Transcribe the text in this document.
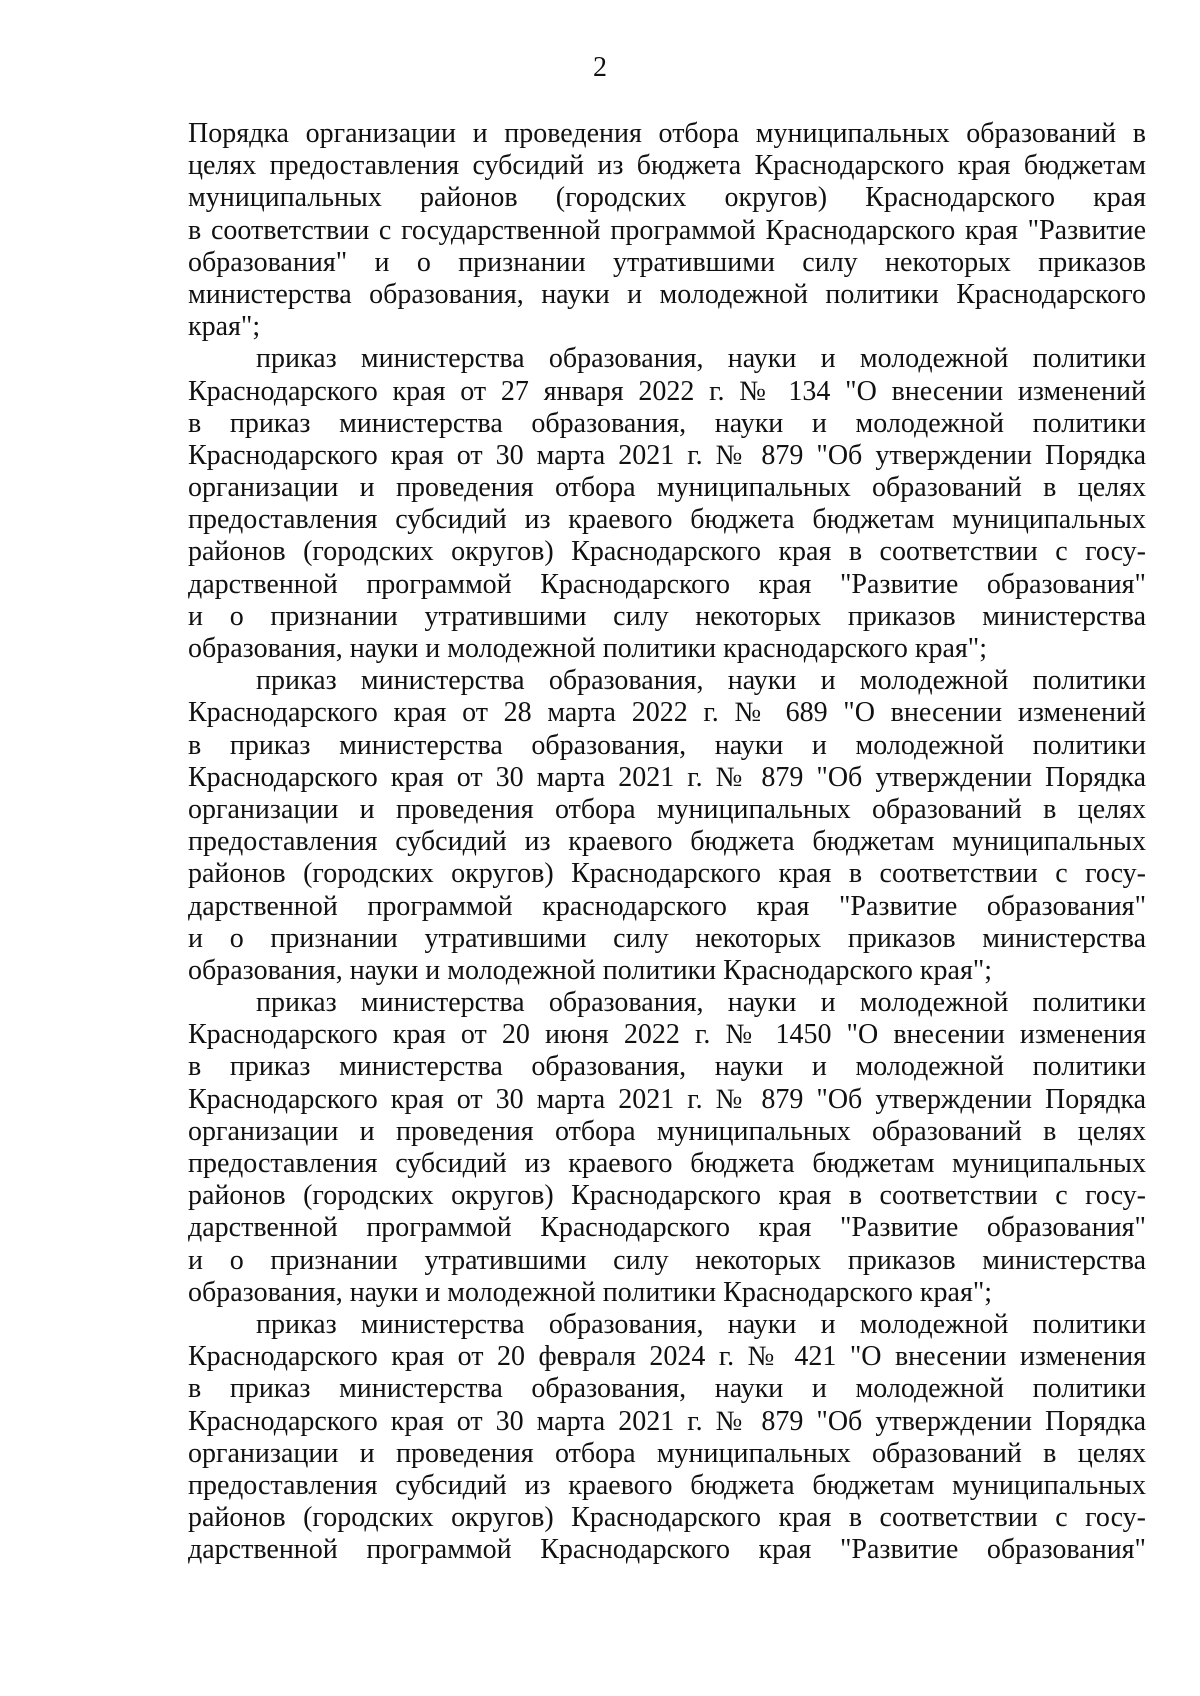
2
Порядка организации и проведения отбора муниципальных образований в
целях предоставления субсидий из бюджета Краснодарского края бюджетам
муниципальных районов (городских округов) Краснодарского края
в соответствии с государственной программой Краснодарского края "Развитие
образования" и о признании утратившими силу некоторых приказов
министерства образования, науки и молодежной политики Краснодарского
края";
приказ министерства образования, науки и молодежной политики
Краснодарского края от 27 января 2022 г. № 134 "О внесении изменений
в приказ министерства образования, науки и молодежной политики
Краснодарского края от 30 марта 2021 г. № 879 "Об утверждении Порядка
организации и проведения отбора муниципальных образований в целях
предоставления субсидий из краевого бюджета бюджетам муниципальных
районов (городских округов) Краснодарского края в соответствии с госу-
дарственной программой Краснодарского края "Развитие образования"
и о признании утратившими силу некоторых приказов министерства
образования, науки и молодежной политики краснодарского края";
приказ министерства образования, науки и молодежной политики
Краснодарского края от 28 марта 2022 г. № 689 "О внесении изменений
в приказ министерства образования, науки и молодежной политики
Краснодарского края от 30 марта 2021 г. № 879 "Об утверждении Порядка
организации и проведения отбора муниципальных образований в целях
предоставления субсидий из краевого бюджета бюджетам муниципальных
районов (городских округов) Краснодарского края в соответствии с госу-
дарственной программой краснодарского края "Развитие образования"
и о признании утратившими силу некоторых приказов министерства
образования, науки и молодежной политики Краснодарского края";
приказ министерства образования, науки и молодежной политики
Краснодарского края от 20 июня 2022 г. № 1450 "О внесении изменения
в приказ министерства образования, науки и молодежной политики
Краснодарского края от 30 марта 2021 г. № 879 "Об утверждении Порядка
организации и проведения отбора муниципальных образований в целях
предоставления субсидий из краевого бюджета бюджетам муниципальных
районов (городских округов) Краснодарского края в соответствии с госу-
дарственной программой Краснодарского края "Развитие образования"
и о признании утратившими силу некоторых приказов министерства
образования, науки и молодежной политики Краснодарского края";
приказ министерства образования, науки и молодежной политики
Краснодарского края от 20 февраля 2024 г. № 421 "О внесении изменения
в приказ министерства образования, науки и молодежной политики
Краснодарского края от 30 марта 2021 г. № 879 "Об утверждении Порядка
организации и проведения отбора муниципальных образований в целях
предоставления субсидий из краевого бюджета бюджетам муниципальных
районов (городских округов) Краснодарского края в соответствии с госу-
дарственной программой Краснодарского края "Развитие образования"
